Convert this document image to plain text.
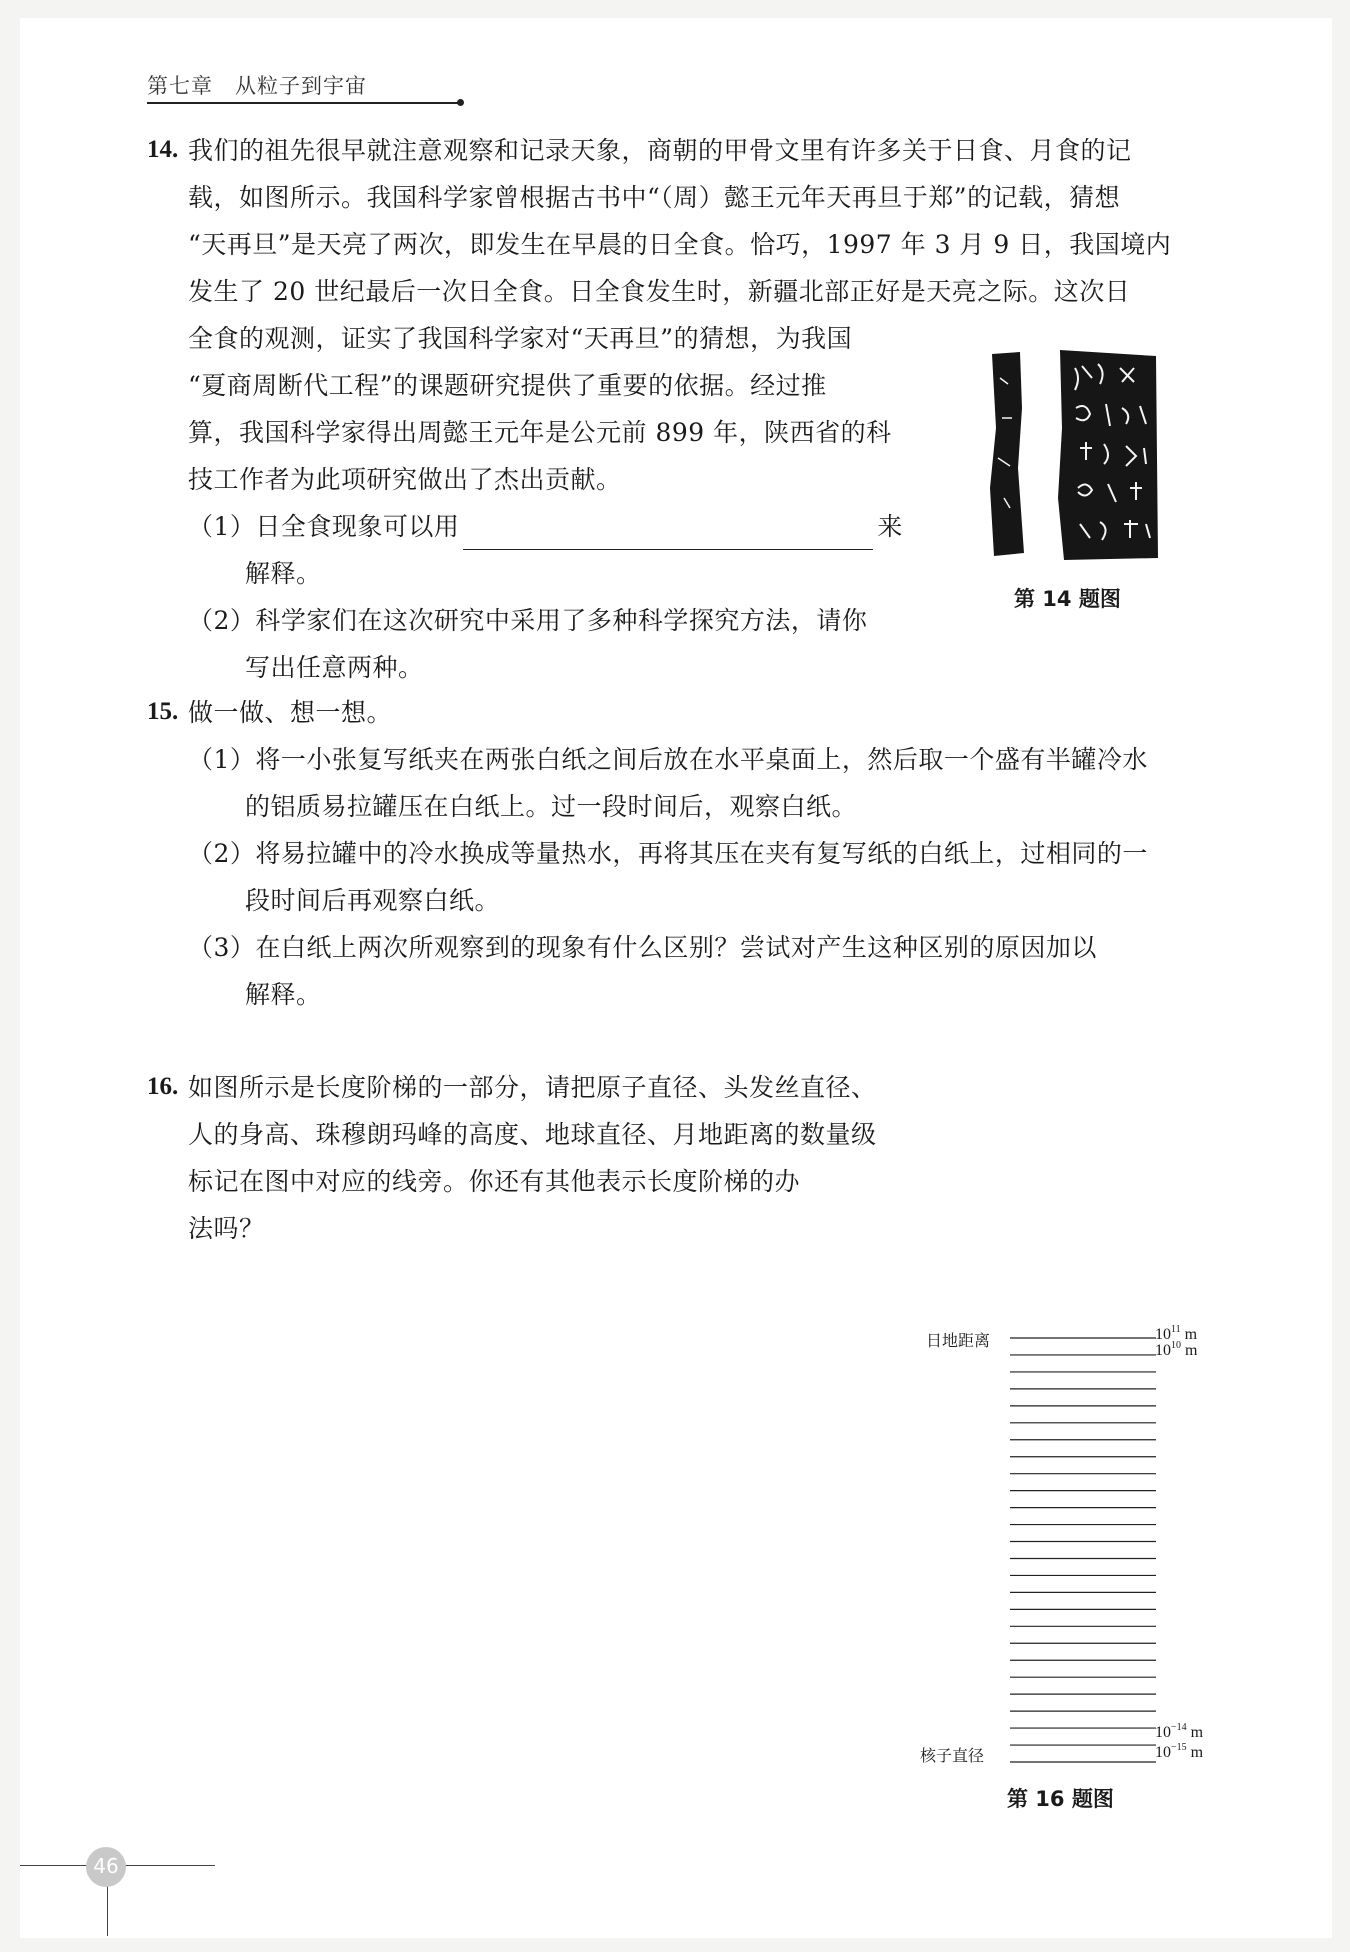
第七章　从粒子到宇宙
14. 我们的祖先很早就注意观察和记录天象，商朝的甲骨文里有许多关于日食、月食的记
载，如图所示。我国科学家曾根据古书中“（周）懿王元年天再旦于郑”的记载，猜想
“天再旦”是天亮了两次，即发生在早晨的日全食。恰巧，1997 年 3 月 9 日，我国境内
发生了 20 世纪最后一次日全食。日全食发生时，新疆北部正好是天亮之际。这次日
全食的观测，证实了我国科学家对“天再旦”的猜想，为我国
“夏商周断代工程”的课题研究提供了重要的依据。经过推
算，我国科学家得出周懿王元年是公元前 899 年，陕西省的科
技工作者为此项研究做出了杰出贡献。
（1）日全食现象可以用	来
解释。
（2）科学家们在这次研究中采用了多种科学探究方法，请你
写出任意两种。
第 14 题图
15. 做一做、想一想。
（1）将一小张复写纸夹在两张白纸之间后放在水平桌面上，然后取一个盛有半罐冷水
的铝质易拉罐压在白纸上。过一段时间后，观察白纸。
（2）将易拉罐中的冷水换成等量热水，再将其压在夹有复写纸的白纸上，过相同的一
段时间后再观察白纸。
（3）在白纸上两次所观察到的现象有什么区别？尝试对产生这种区别的原因加以
解释。
16. 如图所示是长度阶梯的一部分，请把原子直径、头发丝直径、
人的身高、珠穆朗玛峰的高度、地球直径、月地距离的数量级
标记在图中对应的线旁。你还有其他表示长度阶梯的办
法吗？
日地距离
核子直径
$10^{11}$ m
$10^{10}$ m
$10^{-14}$ m
$10^{-15}$ m
第 16 题图
46
